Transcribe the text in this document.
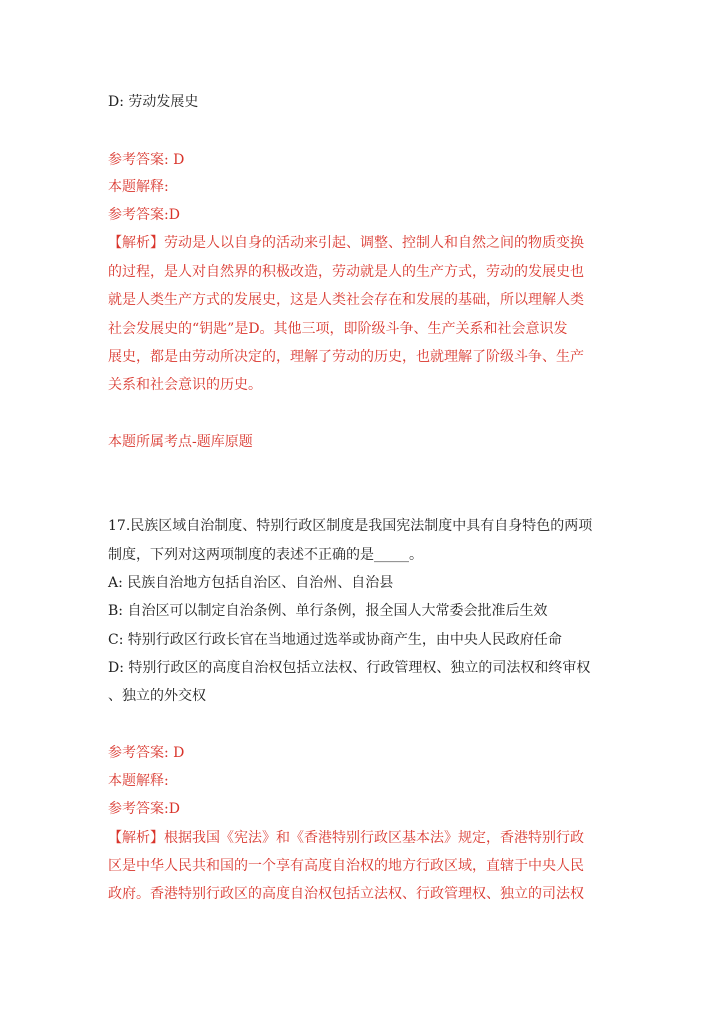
D: 劳动发展史
参考答案: D
本题解释:
参考答案:D
【解析】劳动是人以自身的活动来引起、调整、控制人和自然之间的物质变换
的过程，是人对自然界的积极改造，劳动就是人的生产方式，劳动的发展史也
就是人类生产方式的发展史，这是人类社会存在和发展的基础，所以理解人类
社会发展史的“钥匙”是D。其他三项，即阶级斗争、生产关系和社会意识发
展史，都是由劳动所决定的，理解了劳动的历史，也就理解了阶级斗争、生产
关系和社会意识的历史。
本题所属考点-题库原题
17.民族区域自治制度、特别行政区制度是我国宪法制度中具有自身特色的两项
制度，下列对这两项制度的表述不正确的是_____。
A: 民族自治地方包括自治区、自治州、自治县
B: 自治区可以制定自治条例、单行条例，报全国人大常委会批准后生效
C: 特别行政区行政长官在当地通过选举或协商产生，由中央人民政府任命
D: 特别行政区的高度自治权包括立法权、行政管理权、独立的司法权和终审权
、独立的外交权
参考答案: D
本题解释:
参考答案:D
【解析】根据我国《宪法》和《香港特别行政区基本法》规定，香港特别行政
区是中华人民共和国的一个享有高度自治权的地方行政区域，直辖于中央人民
政府。香港特别行政区的高度自治权包括立法权、行政管理权、独立的司法权
